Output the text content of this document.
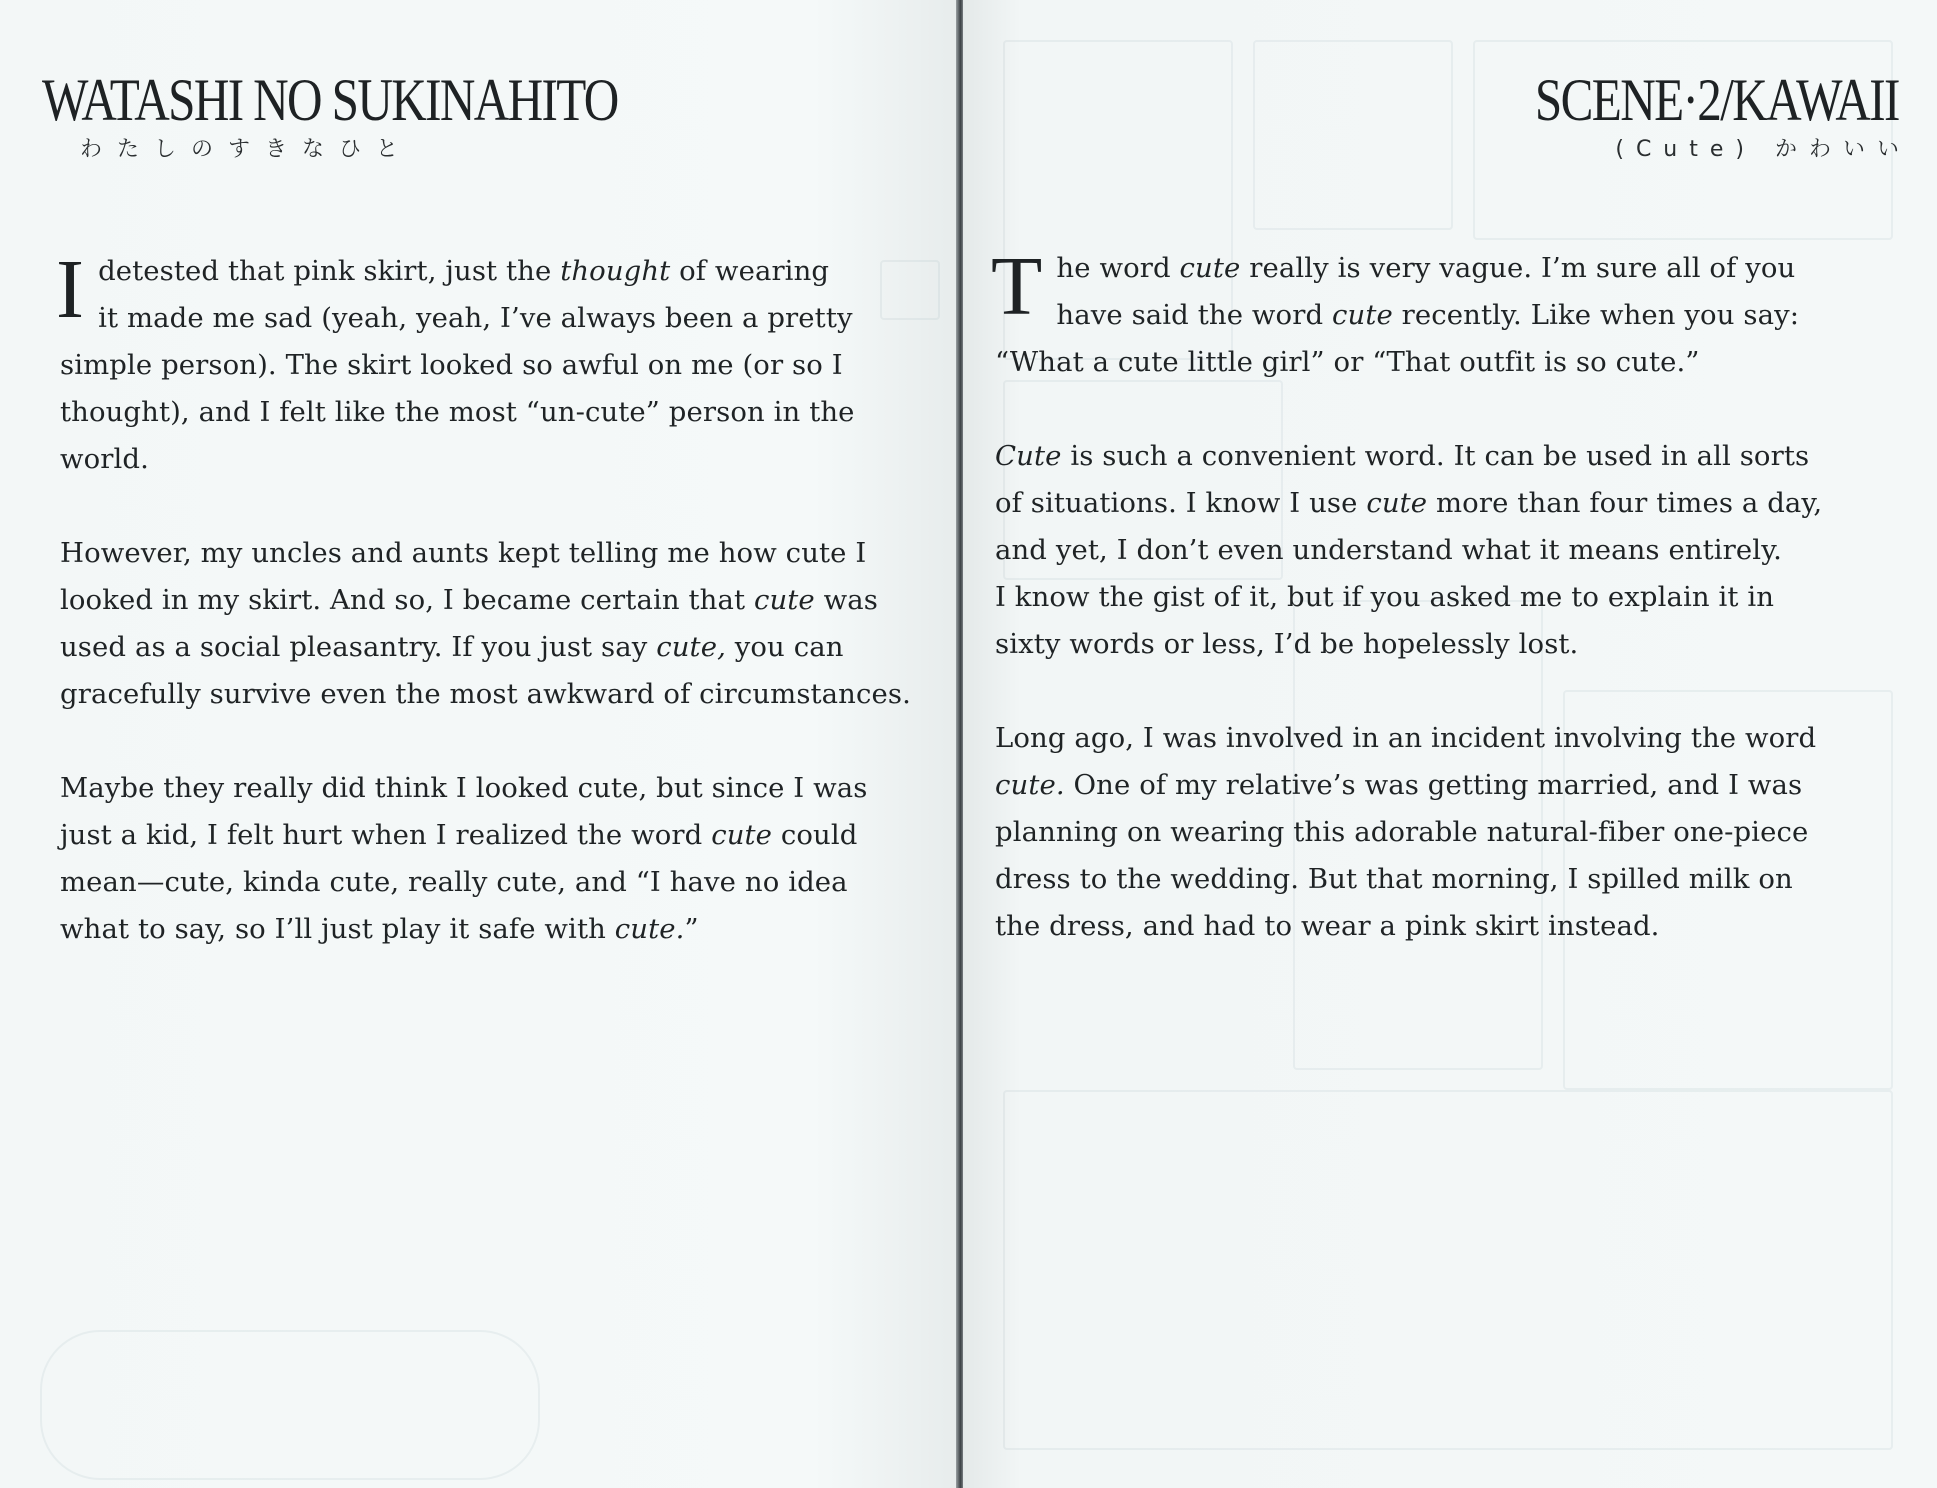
WATASHI NO SUKINAHITO
わたしのすきなひと

I detested that pink skirt, just the thought of wearing
it made me sad (yeah, yeah, I’ve always been a pretty
simple person). The skirt looked so awful on me (or so I
thought), and I felt like the most “un-cute” person in the
world.

However, my uncles and aunts kept telling me how cute I
looked in my skirt. And so, I became certain that cute was
used as a social pleasantry. If you just say cute, you can
gracefully survive even the most awkward of circumstances.

Maybe they really did think I looked cute, but since I was
just a kid, I felt hurt when I realized the word cute could
mean—cute, kinda cute, really cute, and “I have no idea
what to say, so I’ll just play it safe with cute.”

SCENE·2/KAWAII
(Cute) かわいい

T he word cute really is very vague. I’m sure all of you
have said the word cute recently. Like when you say:
“What a cute little girl” or “That outfit is so cute.”

Cute is such a convenient word. It can be used in all sorts
of situations. I know I use cute more than four times a day,
and yet, I don’t even understand what it means entirely.
I know the gist of it, but if you asked me to explain it in
sixty words or less, I’d be hopelessly lost.

Long ago, I was involved in an incident involving the word
cute. One of my relative’s was getting married, and I was
planning on wearing this adorable natural-fiber one-piece
dress to the wedding. But that morning, I spilled milk on
the dress, and had to wear a pink skirt instead.
